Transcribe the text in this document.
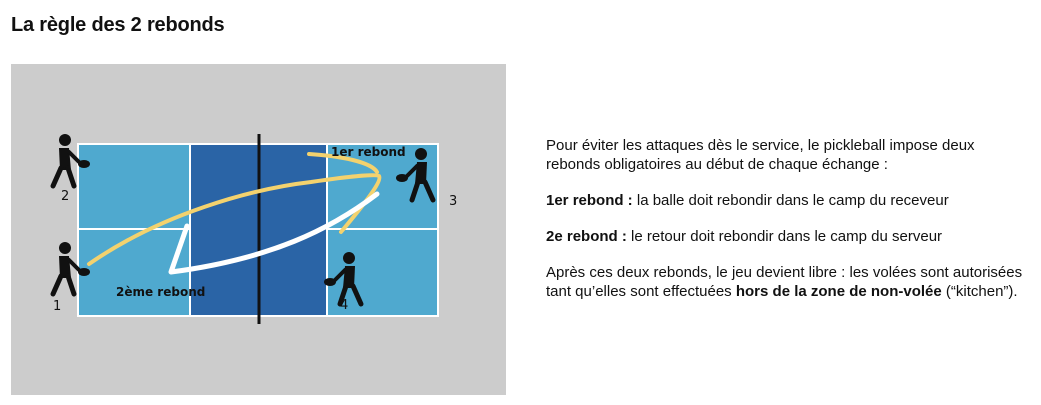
La règle des 2 rebonds
1
2	3
4
1er rebond
2ème rebond

Pour éviter les attaques dès le service, le pickleball impose deux rebonds obligatoires au début de chaque échange :

1er rebond : la balle doit rebondir dans le camp du receveur

2e rebond : le retour doit rebondir dans le camp du serveur

Après ces deux rebonds, le jeu devient libre : les volées sont autorisées tant qu’elles sont effectuées hors de la zone de non-volée (“kitchen”).
